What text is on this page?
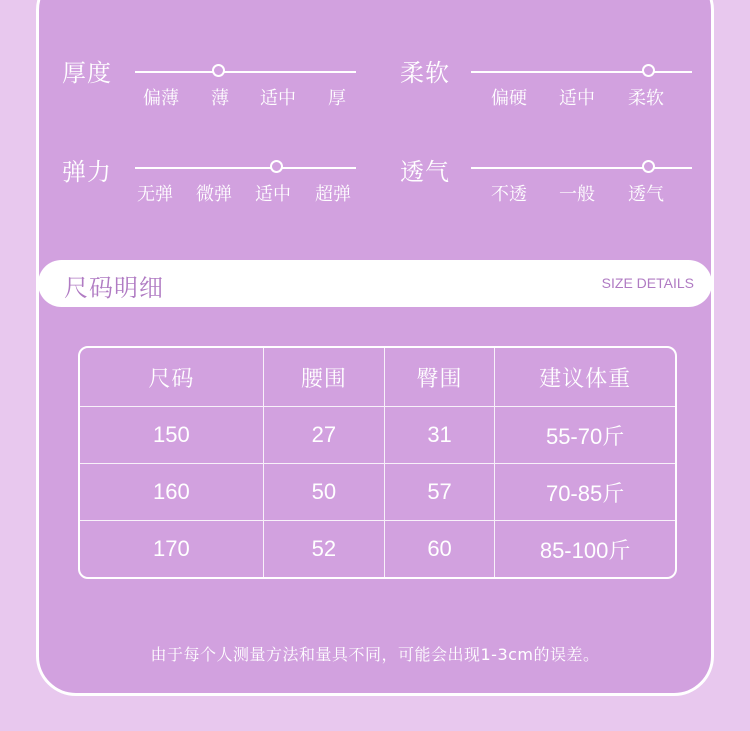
厚度
偏薄 薄 适中 厚
柔软
偏硬 适中 柔软
弹力
无弹 微弹 适中 超弹
透气
不透 一般 透气
尺码明细	SIZE DETAILS
尺码	腰围	臀围	建议体重
150	27	31	55-70斤
160	50	57	70-85斤
170	52	60	85-100斤
由于每个人测量方法和量具不同，可能会出现1-3cm的误差。
